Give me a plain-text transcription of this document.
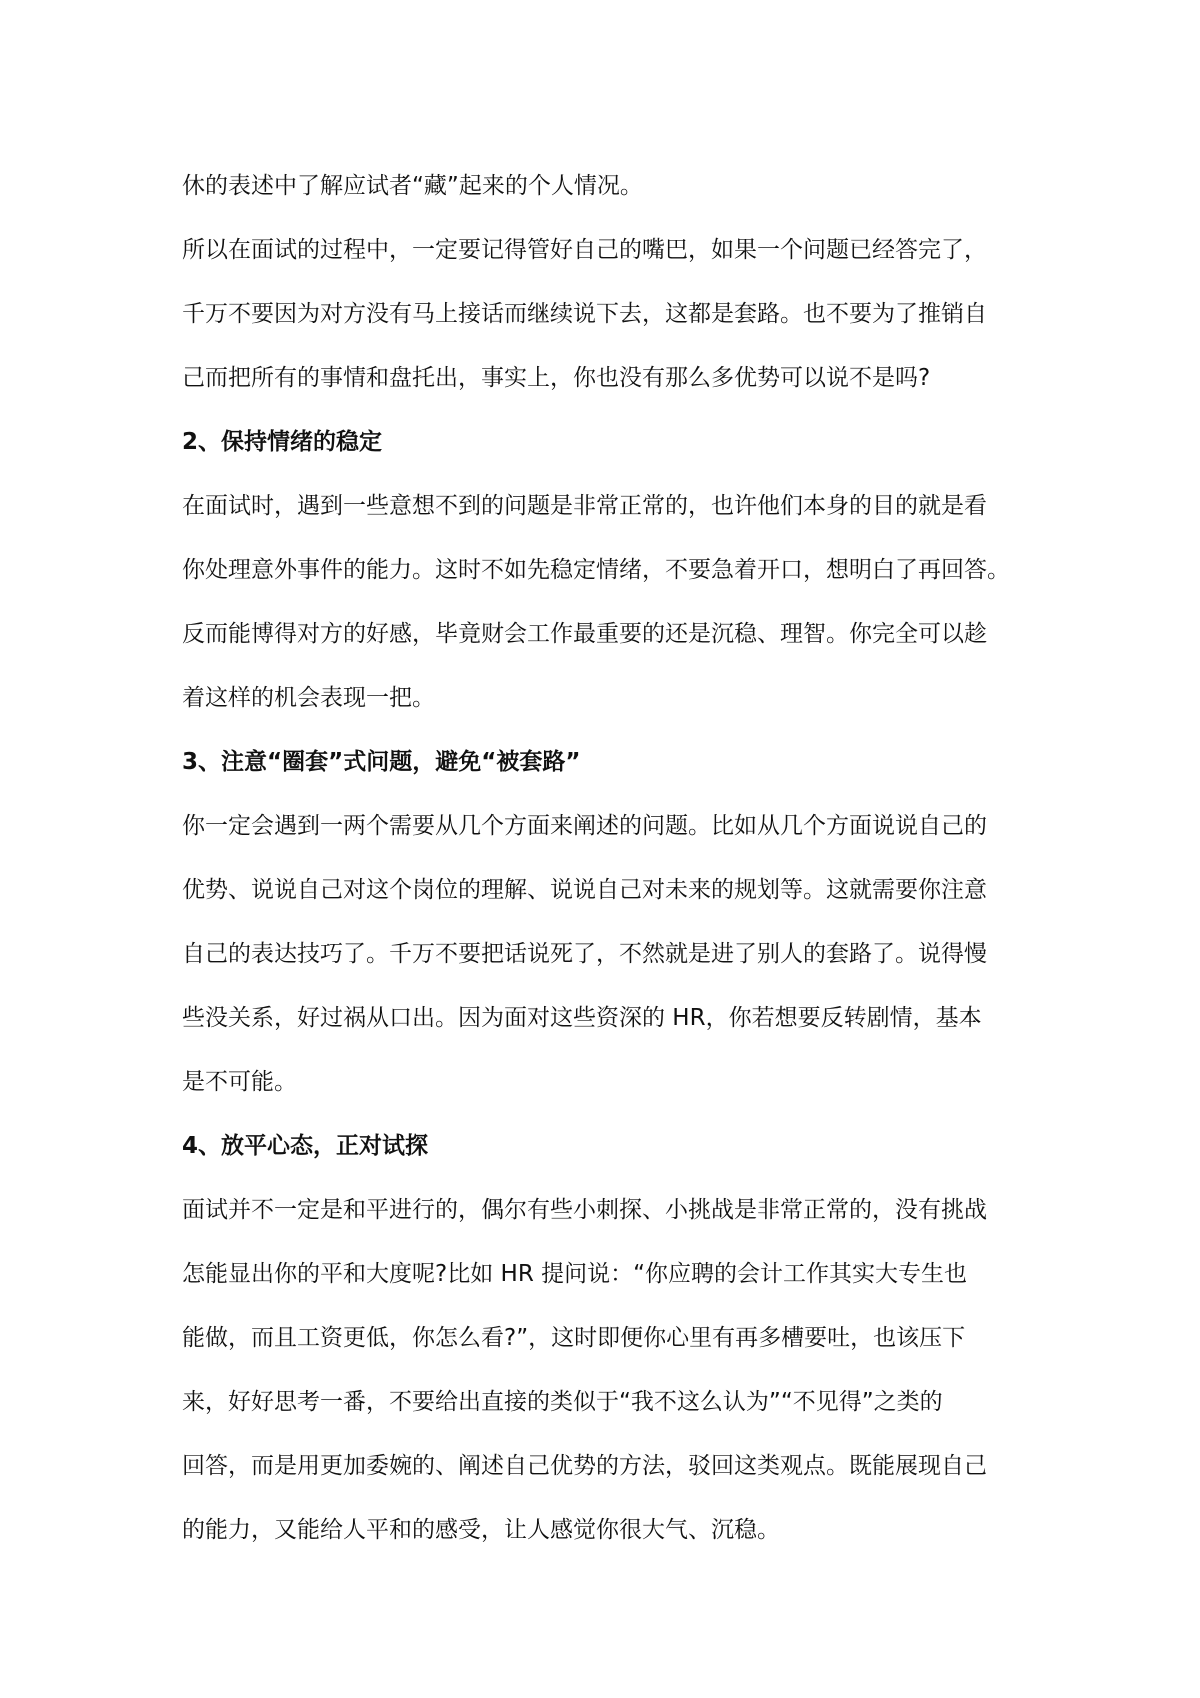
休的表述中了解应试者“藏”起来的个人情况。

所以在面试的过程中，一定要记得管好自己的嘴巴，如果一个问题已经答完了，
千万不要因为对方没有马上接话而继续说下去，这都是套路。也不要为了推销自
己而把所有的事情和盘托出，事实上，你也没有那么多优势可以说不是吗?

2、保持情绪的稳定

在面试时，遇到一些意想不到的问题是非常正常的，也许他们本身的目的就是看
你处理意外事件的能力。这时不如先稳定情绪，不要急着开口，想明白了再回答。
反而能博得对方的好感，毕竟财会工作最重要的还是沉稳、理智。你完全可以趁
着这样的机会表现一把。

3、注意“圈套”式问题，避免“被套路”

你一定会遇到一两个需要从几个方面来阐述的问题。比如从几个方面说说自己的
优势、说说自己对这个岗位的理解、说说自己对未来的规划等。这就需要你注意
自己的表达技巧了。千万不要把话说死了，不然就是进了别人的套路了。说得慢
些没关系，好过祸从口出。因为面对这些资深的 HR，你若想要反转剧情，基本
是不可能。

4、放平心态，正对试探

面试并不一定是和平进行的，偶尔有些小刺探、小挑战是非常正常的，没有挑战
怎能显出你的平和大度呢?比如 HR 提问说：“你应聘的会计工作其实大专生也
能做，而且工资更低，你怎么看?”，这时即便你心里有再多槽要吐，也该压下
来，好好思考一番，不要给出直接的类似于“我不这么认为”“不见得”之类的
回答，而是用更加委婉的、阐述自己优势的方法，驳回这类观点。既能展现自己
的能力，又能给人平和的感受，让人感觉你很大气、沉稳。
